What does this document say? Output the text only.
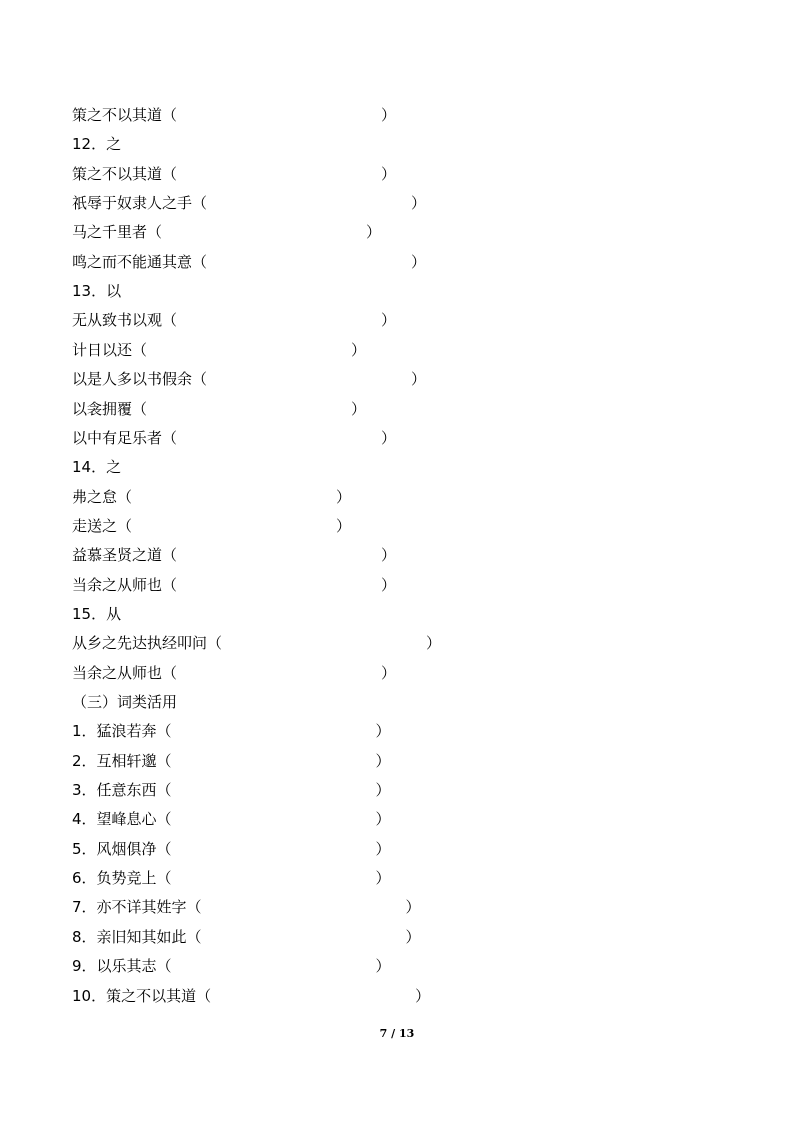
策之不以其道（	）
12．之
策之不以其道（	）
祇辱于奴隶人之手（	）
马之千里者（	）
鸣之而不能通其意（	）
13．以
无从致书以观（	）
计日以还（	）
以是人多以书假余（	）
以衾拥覆（	）
以中有足乐者（	）
14．之
弗之怠（	）
走送之（	）
益慕圣贤之道（	）
当余之从师也（	）
15．从
从乡之先达执经叩问（	）
当余之从师也（	）
（三）词类活用
1．猛浪若奔（	）
2．互相轩邈（	）
3．任意东西（	）
4．望峰息心（	）
5．风烟俱净（	）
6．负势竞上（	）
7．亦不详其姓字（	）
8．亲旧知其如此（	）
9．以乐其志（	）
10．策之不以其道（	）
7 / 13
